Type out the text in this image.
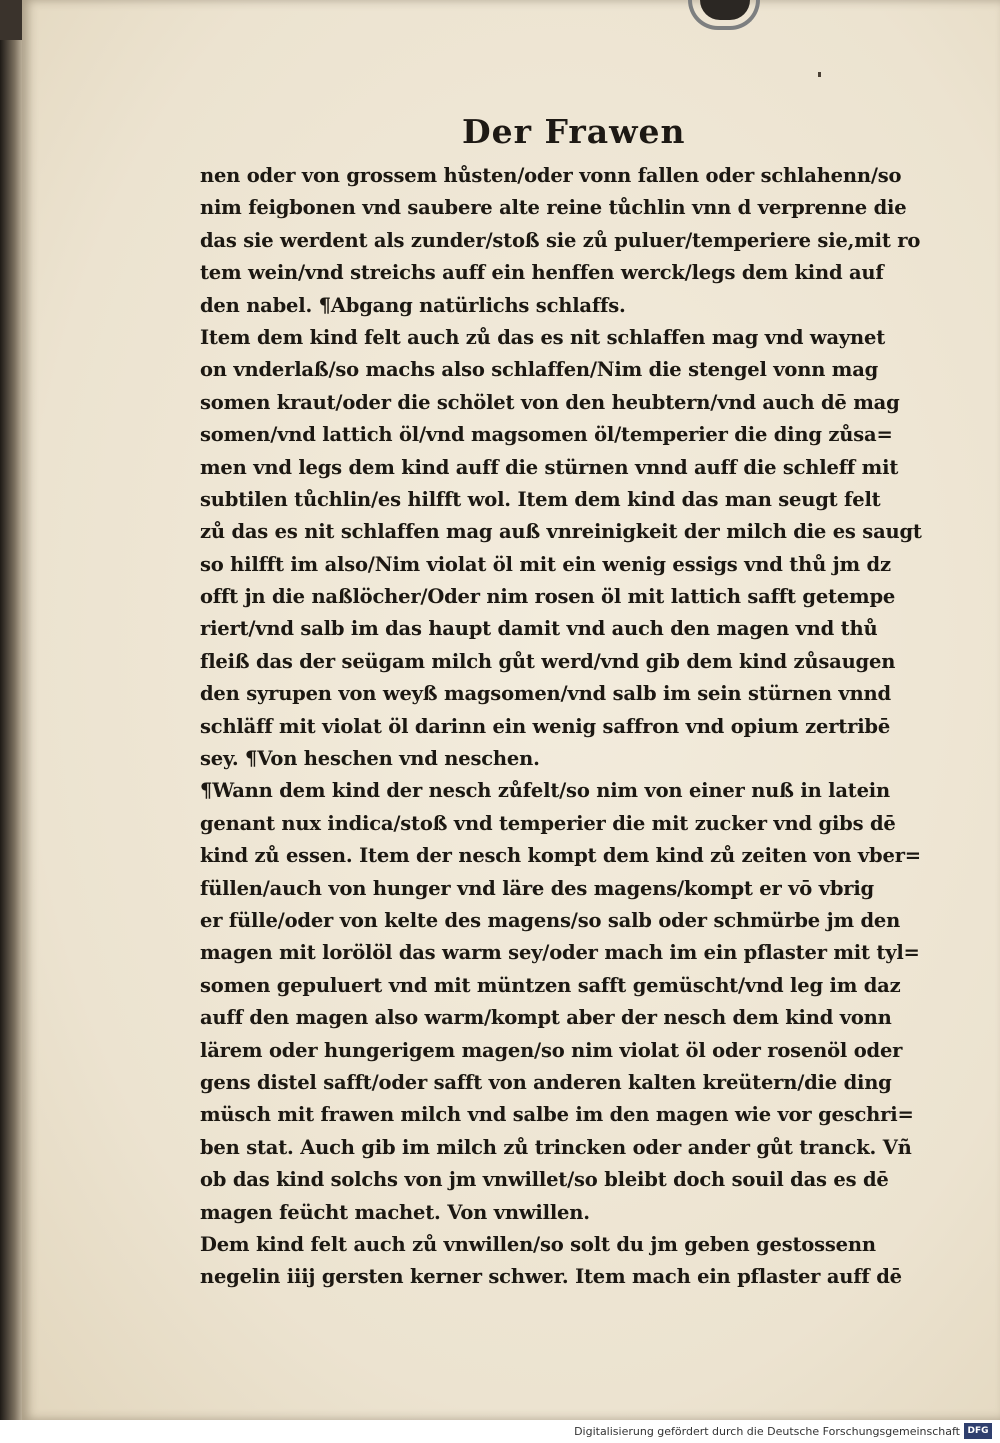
Der Frawen
nen oder von grossem hůsten/oder vonn fallen oder schlahenn/so
nim feigbonen vnd saubere alte reine tůchlin vnn d verprenne die
das sie werdent als zunder/stoß sie zů puluer/temperiere sie,mit ro
tem wein/vnd streichs auff ein henffen werck/legs dem kind auf
den nabel. ¶Abgang natürlichs schlaffs.
Item dem kind felt auch zů das es nit schlaffen mag vnd waynet
on vnderlaß/so machs also schlaffen/Nim die stengel vonn mag
somen kraut/oder die schölet von den heubtern/vnd auch dē mag
somen/vnd lattich öl/vnd magsomen öl/temperier die ding zůsa=
men vnd legs dem kind auff die stürnen vnnd auff die schleff mit
subtilen tůchlin/es hilfft wol. Item dem kind das man seugt felt
zů das es nit schlaffen mag auß vnreinigkeit der milch die es saugt
so hilfft im also/Nim violat öl mit ein wenig essigs vnd thů jm dz
offt jn die naßlöcher/Oder nim rosen öl mit lattich safft getempe
riert/vnd salb im das haupt damit vnd auch den magen vnd thů
fleiß das der seügam milch gůt werd/vnd gib dem kind zůsaugen
den syrupen von weyß magsomen/vnd salb im sein stürnen vnnd
schläff mit violat öl darinn ein wenig saffron vnd opium zertribē
sey. ¶Von heschen vnd neschen.
¶Wann dem kind der nesch zůfelt/so nim von einer nuß in latein
genant nux indica/stoß vnd temperier die mit zucker vnd gibs dē
kind zů essen. Item der nesch kompt dem kind zů zeiten von vber=
füllen/auch von hunger vnd läre des magens/kompt er vō vbrig
er fülle/oder von kelte des magens/so salb oder schmürbe jm den
magen mit lorölöl das warm sey/oder mach im ein pflaster mit tyl=
somen gepuluert vnd mit müntzen safft gemüscht/vnd leg im daz
auff den magen also warm/kompt aber der nesch dem kind vonn
lärem oder hungerigem magen/so nim violat öl oder rosenöl oder
gens distel safft/oder safft von anderen kalten kreütern/die ding
müsch mit frawen milch vnd salbe im den magen wie vor geschri=
ben stat. Auch gib im milch zů trincken oder ander gůt tranck. Vñ
ob das kind solchs von jm vnwillet/so bleibt doch souil das es dē
magen feücht machet. Von vnwillen.
Dem kind felt auch zů vnwillen/so solt du jm geben gestossenn
negelin iiij gersten kerner schwer. Item mach ein pflaster auff dē
Digitalisierung gefördert durch die Deutsche Forschungsgemeinschaft DFG
